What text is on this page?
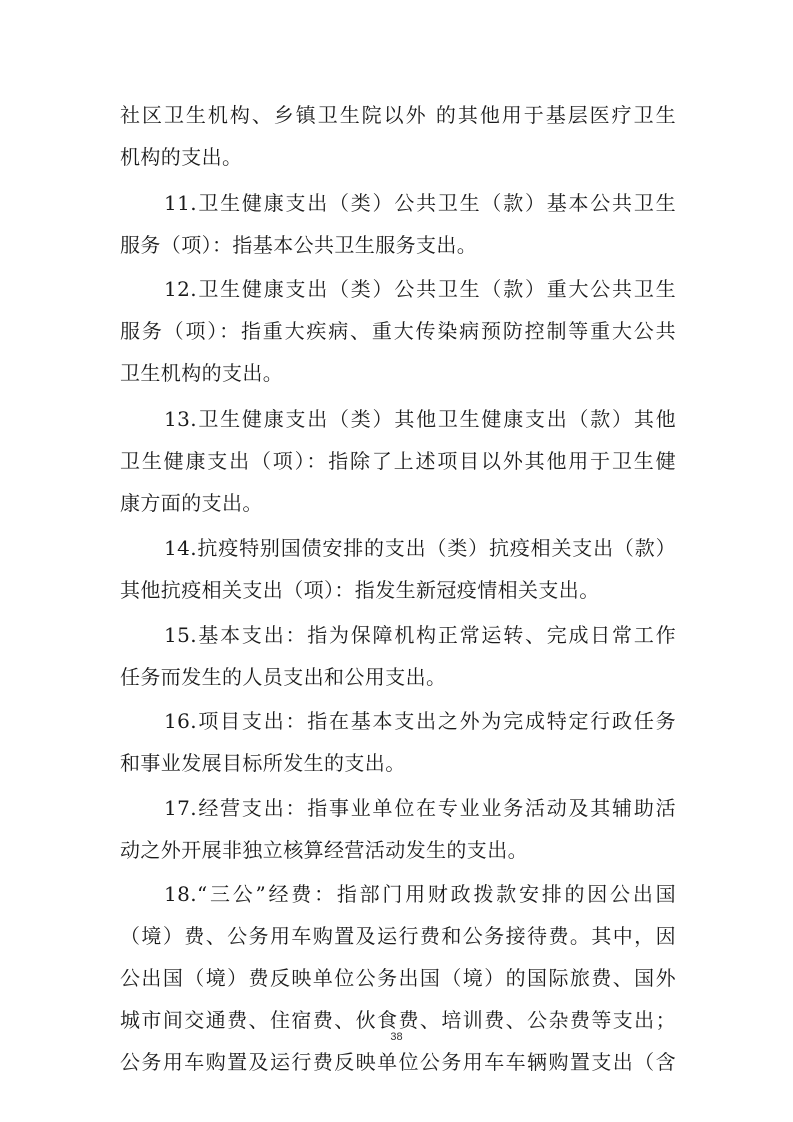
社区卫生机构、乡镇卫生院以外 的其他用于基层医疗卫生
机构的支出。
11.卫生健康支出（类）公共卫生（款）基本公共卫生
服务（项）：指基本公共卫生服务支出。
12.卫生健康支出（类）公共卫生（款）重大公共卫生
服务（项）：指重大疾病、重大传染病预防控制等重大公共
卫生机构的支出。
13.卫生健康支出（类）其他卫生健康支出（款）其他
卫生健康支出（项）：指除了上述项目以外其他用于卫生健
康方面的支出。
14.抗疫特别国债安排的支出（类）抗疫相关支出（款）
其他抗疫相关支出（项）：指发生新冠疫情相关支出。
15.基本支出：指为保障机构正常运转、完成日常工作
任务而发生的人员支出和公用支出。
16.项目支出：指在基本支出之外为完成特定行政任务
和事业发展目标所发生的支出。
17.经营支出：指事业单位在专业业务活动及其辅助活
动之外开展非独立核算经营活动发生的支出。
18.“三公”经费：指部门用财政拨款安排的因公出国
（境）费、公务用车购置及运行费和公务接待费。其中，因
公出国（境）费反映单位公务出国（境）的国际旅费、国外
城市间交通费、住宿费、伙食费、培训费、公杂费等支出；
公务用车购置及运行费反映单位公务用车车辆购置支出（含
38
